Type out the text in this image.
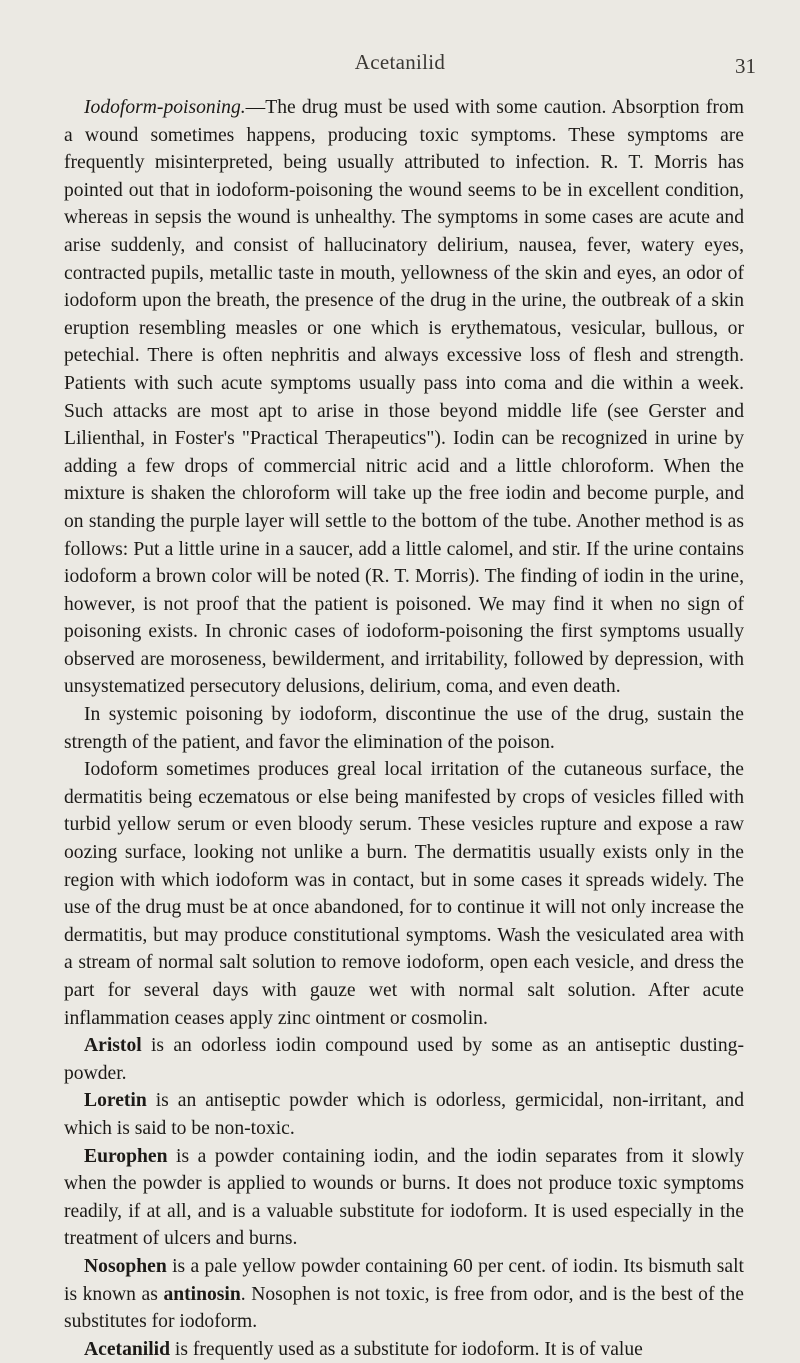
Acetanilid	31

Iodoform-poisoning.—The drug must be used with some caution. Absorption from a wound sometimes happens, producing toxic symptoms. These symptoms are frequently misinterpreted, being usually attributed to infection. R. T. Morris has pointed out that in iodoform-poisoning the wound seems to be in excellent condition, whereas in sepsis the wound is unhealthy. The symptoms in some cases are acute and arise suddenly, and consist of hallucinatory delirium, nausea, fever, watery eyes, contracted pupils, metallic taste in mouth, yellowness of the skin and eyes, an odor of iodoform upon the breath, the presence of the drug in the urine, the outbreak of a skin eruption resembling measles or one which is erythematous, vesicular, bullous, or petechial. There is often nephritis and always excessive loss of flesh and strength. Patients with such acute symptoms usually pass into coma and die within a week. Such attacks are most apt to arise in those beyond middle life (see Gerster and Lilienthal, in Foster's "Practical Therapeutics"). Iodin can be recognized in urine by adding a few drops of commercial nitric acid and a little chloroform. When the mixture is shaken the chloroform will take up the free iodin and become purple, and on standing the purple layer will settle to the bottom of the tube. Another method is as follows: Put a little urine in a saucer, add a little calomel, and stir. If the urine contains iodoform a brown color will be noted (R. T. Morris). The finding of iodin in the urine, however, is not proof that the patient is poisoned. We may find it when no sign of poisoning exists. In chronic cases of iodoform-poisoning the first symptoms usually observed are moroseness, bewilderment, and irritability, followed by depression, with unsystematized persecutory delusions, delirium, coma, and even death.

In systemic poisoning by iodoform, discontinue the use of the drug, sustain the strength of the patient, and favor the elimination of the poison.

Iodoform sometimes produces greal local irritation of the cutaneous surface, the dermatitis being eczematous or else being manifested by crops of vesicles filled with turbid yellow serum or even bloody serum. These vesicles rupture and expose a raw oozing surface, looking not unlike a burn. The dermatitis usually exists only in the region with which iodoform was in contact, but in some cases it spreads widely. The use of the drug must be at once abandoned, for to continue it will not only increase the dermatitis, but may produce constitutional symptoms. Wash the vesiculated area with a stream of normal salt solution to remove iodoform, open each vesicle, and dress the part for several days with gauze wet with normal salt solution. After acute inflammation ceases apply zinc ointment or cosmolin.

Aristol is an odorless iodin compound used by some as an antiseptic dusting-powder.

Loretin is an antiseptic powder which is odorless, germicidal, non-irritant, and which is said to be non-toxic.

Europhen is a powder containing iodin, and the iodin separates from it slowly when the powder is applied to wounds or burns. It does not produce toxic symptoms readily, if at all, and is a valuable substitute for iodoform. It is used especially in the treatment of ulcers and burns.

Nosophen is a pale yellow powder containing 60 per cent. of iodin. Its bismuth salt is known as antinosin. Nosophen is not toxic, is free from odor, and is the best of the substitutes for iodoform.

Acetanilid is frequently used as a substitute for iodoform. It is of value
